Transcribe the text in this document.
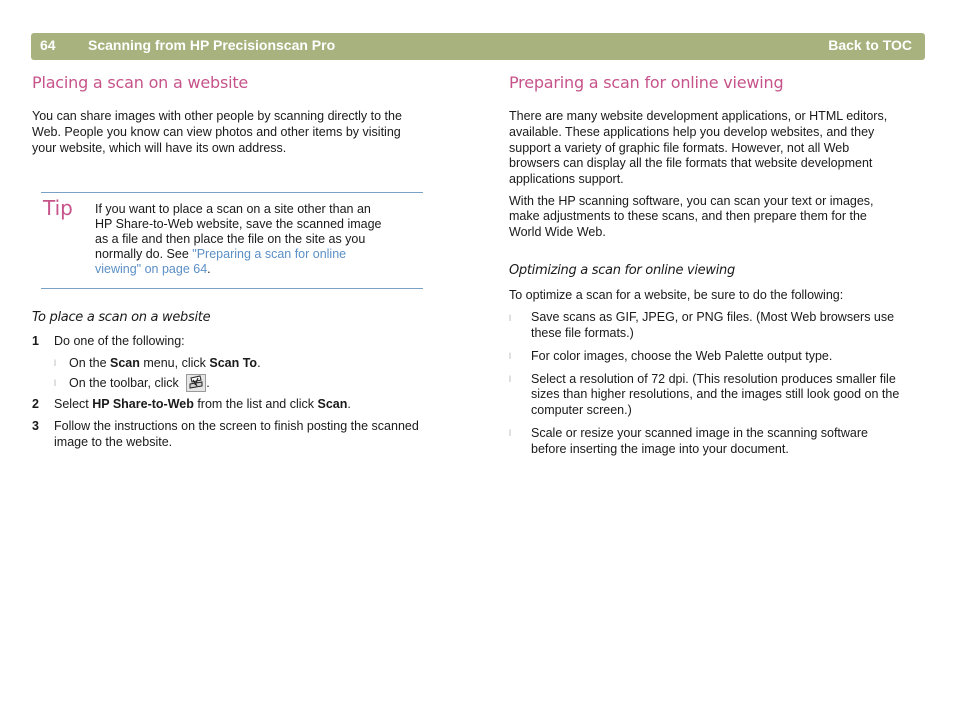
64 Scanning from HP Precisionscan Pro	Back to TOC
Placing a scan on a website

You can share images with other people by scanning directly to the

Web. People you know can view photos and other items by visiting

your website, which will have its own address.

Tip If you want to place a scan on a site other than an
HP Share-to-Web website, save the scanned image
as a file and then place the file on the site as you
normally do. See "Preparing a scan for online
viewing" on page 64.

To place a scan on a website

1 Do one of the following:
l On the Scan menu, click Scan To.
l On the toolbar, click .
2 Select HP Share-to-Web from the list and click Scan.
3 Follow the instructions on the screen to finish posting the scanned
image to the website.
Preparing a scan for online viewing

There are many website development applications, or HTML editors,

available. These applications help you develop websites, and they

support a variety of graphic file formats. However, not all Web

browsers can display all the file formats that website development

applications support.

With the HP scanning software, you can scan your text or images,

make adjustments to these scans, and then prepare them for the

World Wide Web.

Optimizing a scan for online viewing

To optimize a scan for a website, be sure to do the following:

l Save scans as GIF, JPEG, or PNG files. (Most Web browsers use

these file formats.)

l For color images, choose the Web Palette output type.

l Select a resolution of 72 dpi. (This resolution produces smaller file

sizes than higher resolutions, and the images still look good on the

computer screen.)

l Scale or resize your scanned image in the scanning software

before inserting the image into your document.
